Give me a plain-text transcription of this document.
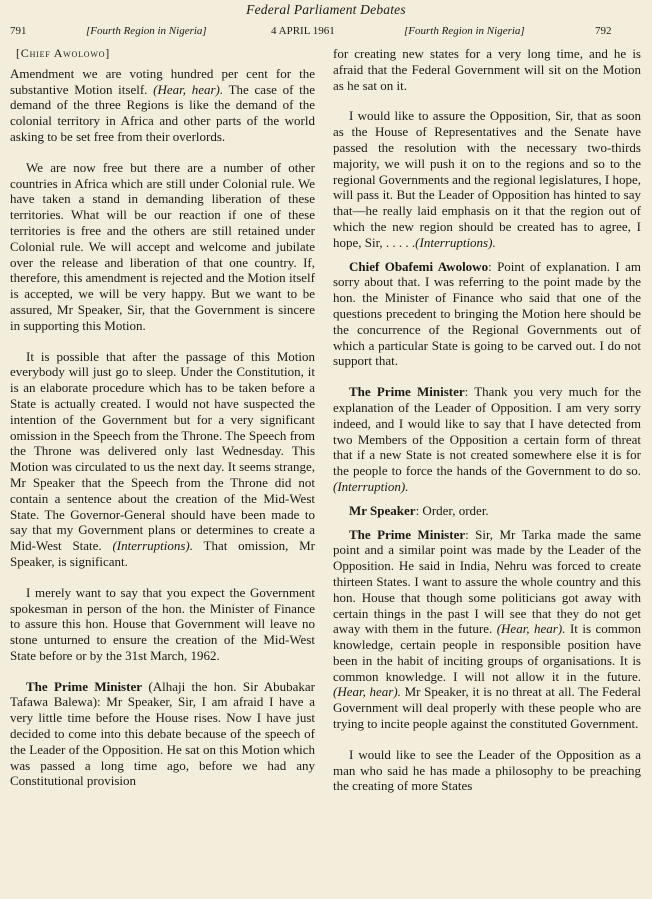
Federal Parliament Debates
791	[Fourth Region in Nigeria]	4 APRIL 1961	[Fourth Region in Nigeria]	792
[Chief Awolowo]

Amendment we are voting hundred per cent for the substantive Motion itself. (Hear, hear). The case of the demand of the three Regions is like the demand of the colonial territory in Africa and other parts of the world asking to be set free from their overlords.

We are now free but there are a number of other countries in Africa which are still under Colonial rule. We have taken a stand in demanding liberation of these territories. What will be our reaction if one of these territories is free and the others are still retained under Colonial rule. We will accept and welcome and jubilate over the release and liberation of that one country. If, therefore, this amendment is rejected and the Motion itself is accepted, we will be very happy. But we want to be assured, Mr Speaker, Sir, that the Government is sincere in supporting this Motion.

It is possible that after the passage of this Motion everybody will just go to sleep. Under the Constitution, it is an elaborate procedure which has to be taken before a State is actually created. I would not have suspected the intention of the Government but for a very significant omission in the Speech from the Throne. The Speech from the Throne was delivered only last Wednesday. This Motion was circulated to us the next day. It seems strange, Mr Speaker that the Speech from the Throne did not contain a sentence about the creation of the Mid-West State. The Governor-General should have been made to say that my Government plans or determines to create a Mid-West State. (Interruptions). That omission, Mr Speaker, is significant.

I merely want to say that you expect the Government spokesman in person of the hon. the Minister of Finance to assure this hon. House that Government will leave no stone unturned to ensure the creation of the Mid-West State before or by the 31st March, 1962.

The Prime Minister (Alhaji the hon. Sir Abubakar Tafawa Balewa): Mr Speaker, Sir, I am afraid I have a very little time before the House rises. Now I have just decided to come into this debate because of the speech of the Leader of the Opposition. He sat on this Motion which was passed a long time ago, before we had any Constitutional provision

for creating new states for a very long time, and he is afraid that the Federal Government will sit on the Motion as he sat on it.

I would like to assure the Opposition, Sir, that as soon as the House of Representatives and the Senate have passed the resolution with the necessary two-thirds majority, we will push it on to the regions and so to the regional Governments and the regional legislatures, I hope, will pass it. But the Leader of Opposition has hinted to say that—he really laid emphasis on it that the region out of which the new region should be created has to agree, I hope, Sir, . . . . .(Interruptions).

Chief Obafemi Awolowo: Point of explanation. I am sorry about that. I was referring to the point made by the hon. the Minister of Finance who said that one of the questions precedent to bringing the Motion here should be the concurrence of the Regional Governments out of which a particular State is going to be carved out. I do not support that.

The Prime Minister: Thank you very much for the explanation of the Leader of Opposition. I am very sorry indeed, and I would like to say that I have detected from two Members of the Opposition a certain form of threat that if a new State is not created somewhere else it is for the people to force the hands of the Government to do so. (Interruption).

Mr Speaker: Order, order.

The Prime Minister: Sir, Mr Tarka made the same point and a similar point was made by the Leader of the Opposition. He said in India, Nehru was forced to create thirteen States. I want to assure the whole country and this hon. House that though some politicians got away with certain things in the past I will see that they do not get away with them in the future. (Hear, hear). It is common knowledge, certain people in responsible position have been in the habit of inciting groups of organisations. It is common knowledge. I will not allow it in the future. (Hear, hear). Mr Speaker, it is no threat at all. The Federal Government will deal properly with these people who are trying to incite people against the constituted Government.

I would like to see the Leader of the Opposition as a man who said he has made a philosophy to be preaching the creating of more States
